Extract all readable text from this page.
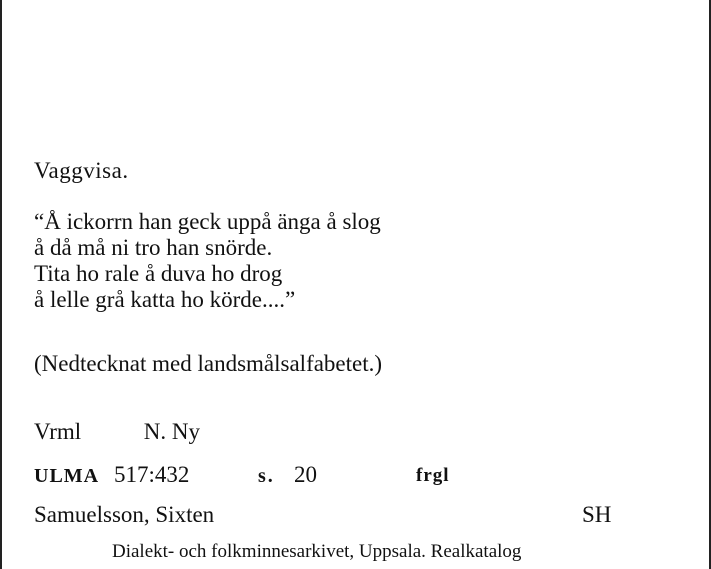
Vaggvisa.
“Å ickorrn han geck uppå änga å slog
å då må ni tro han snörde.
Tita ho rale å duva ho drog
å lelle grå katta ho körde....”
(Nedtecknat med landsmålsalfabetet.)
Vrml	N. Ny
ULMA 517:432	s. 20	frgl
Samuelsson, Sixten	SH
Dialekt- och folkminnesarkivet, Uppsala. Realkatalog
